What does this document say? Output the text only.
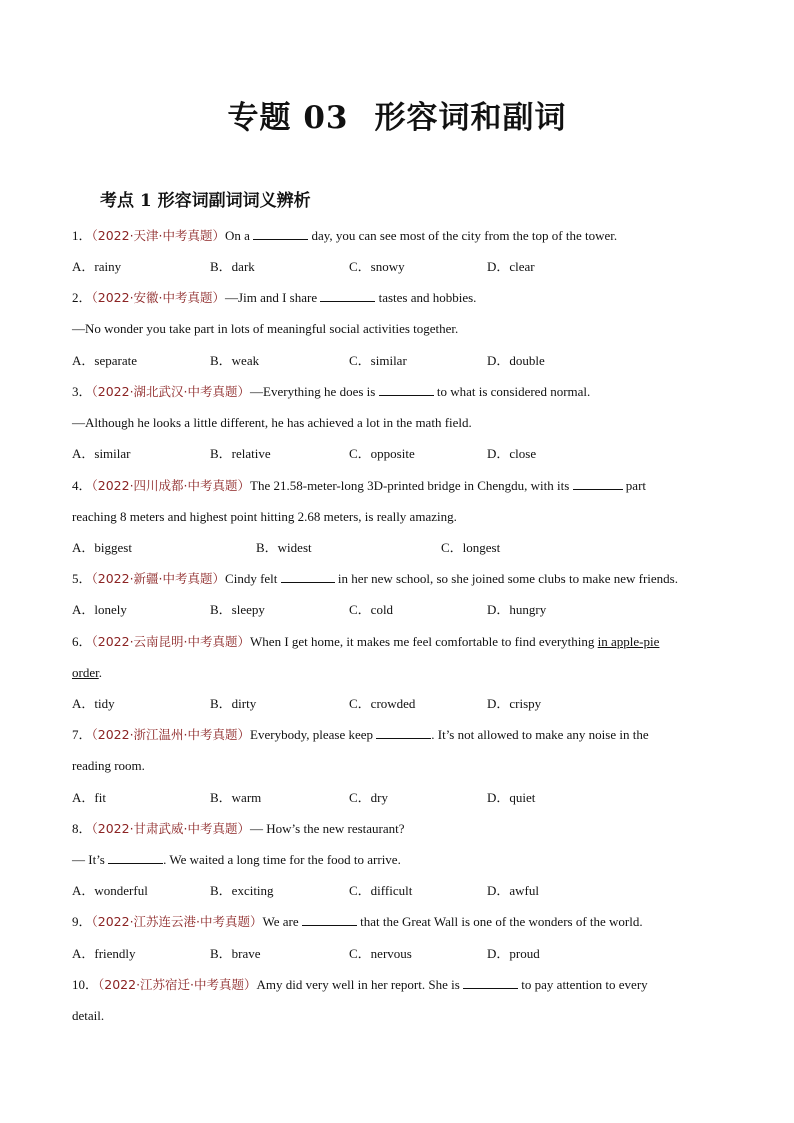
专题 03 形容词和副词
考点 1 形容词副词词义辨析
1．（2022·天津·中考真题）On a	day, you can see most of the city from the top of the tower.
A．rainy	B．dark	C．snowy	D．clear
2．（2022·安徽·中考真题）—Jim and I share	tastes and hobbies.
—No wonder you take part in lots of meaningful social activities together.
A．separate	B．weak	C．similar	D．double
3．（2022·湖北武汉·中考真题）—Everything he does is	to what is considered normal.
—Although he looks a little different, he has achieved a lot in the math field.
A．similar	B．relative	C．opposite	D．close
4．（2022·四川成都·中考真题）The 21.58-meter-long 3D-printed bridge in Chengdu, with its	part
reaching 8 meters and highest point hitting 2.68 meters, is really amazing.
A．biggest	B．widest	C．longest
5．（2022·新疆·中考真题）Cindy felt	in her new school, so she joined some clubs to make new friends.
A．lonely	B．sleepy	C．cold	D．hungry
6．（2022·云南昆明·中考真题）When I get home, it makes me feel comfortable to find everything in apple-pie
order.
A．tidy	B．dirty	C．crowded	D．crispy
7．（2022·浙江温州·中考真题）Everybody, please keep	. It’s not allowed to make any noise in the
reading room.
A．fit	B．warm	C．dry	D．quiet
8．（2022·甘肃武威·中考真题）— How’s the new restaurant?
— It’s	. We waited a long time for the food to arrive.
A．wonderful	B．exciting	C．difficult	D．awful
9．（2022·江苏连云港·中考真题）We are	that the Great Wall is one of the wonders of the world.
A．friendly	B．brave	C．nervous	D．proud
10．（2022·江苏宿迁·中考真题）Amy did very well in her report. She is	to pay attention to every
detail.
